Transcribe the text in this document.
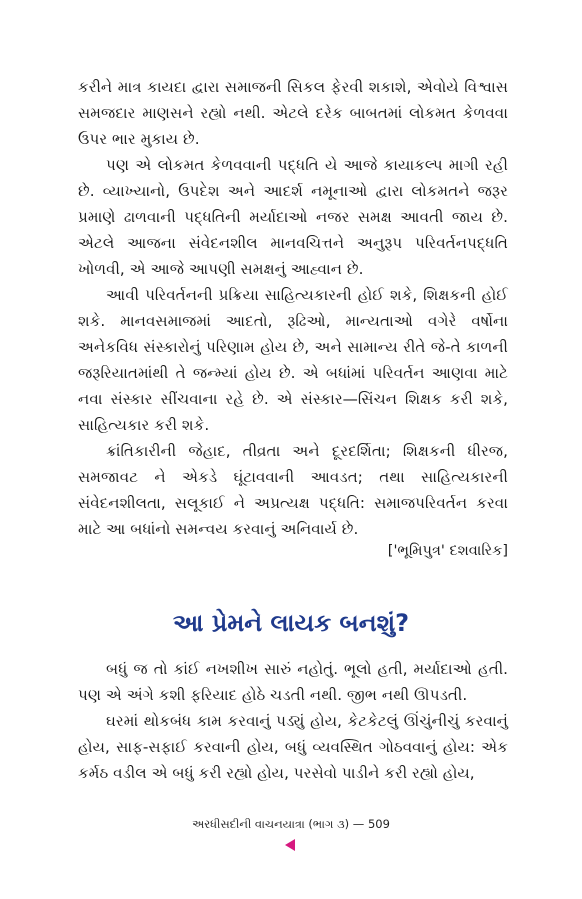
કરીને માત્ર કાયદા દ્વારા સમાજની સિકલ ફેરવી શકાશે, એવોયે વિશ્વાસ સમજદાર માણસને રહ્યો નથી. એટલે દરેક બાબતમાં લોકમત કેળવવા ઉપર ભાર મુકાય છે.

પણ એ લોકમત કેળવવાની પદ્ધતિ યે આજે કાયાકલ્પ માગી રહી છે. વ્યાખ્યાનો, ઉપદેશ અને આદર્શ નમૂનાઓ દ્વારા લોકમતને જરૂર પ્રમાણે ઢાળવાની પદ્ધતિની મર્યાદાઓ નજર સમક્ષ આવતી જાય છે. એટલે આજના સંવેદનશીલ માનવચિત્તને અનુરૂપ પરિવર્તનપદ્ધતિ ખોળવી, એ આજે આપણી સમક્ષનું આહ્વાન છે.

આવી પરિવર્તનની પ્રક્રિયા સાહિત્યકારની હોઈ શકે, શિક્ષકની હોઈ શકે. માનવસમાજમાં આદતો, રૂઢિઓ, માન્યતાઓ વગેરે વર્ષોના અનેકવિધ સંસ્કારોનું પરિણામ હોય છે, અને સામાન્ય રીતે જે-તે કાળની જરૂરિયાતમાંથી તે જન્મ્યાં હોય છે. એ બધાંમાં પરિવર્તન આણવા માટે નવા સંસ્કાર સીંચવાના રહે છે. એ સંસ્કાર—સિંચન શિક્ષક કરી શકે, સાહિત્યકાર કરી શકે.

ક્રાંતિકારીની જેહાદ, તીવ્રતા અને દૂરદર્શિતા; શિક્ષકની ધીરજ, સમજાવટ ને એકડે ઘૂંટાવવાની આવડત; તથા સાહિત્યકારની સંવેદનશીલતા, સલૂકાઈ ને અપ્રત્યક્ષ પદ્ધતિ: સમાજપરિવર્તન કરવા માટે આ બધાંનો સમન્વય કરવાનું અનિવાર્ય છે.

['ભૂમિપુત્ર' દશવારિક]
આ પ્રેમને લાયક બનશું?

બધું જ તો કાંઈ નખશીખ સારું નહોતું. ભૂલો હતી, મર્યાદાઓ હતી. પણ એ અંગે કશી ફરિયાદ હોઠે ચડતી નથી. જીભ નથી ઊપડતી.

ઘરમાં થોકબંધ કામ કરવાનું પડ્યું હોય, કેટકેટલું ઊંચુંનીચું કરવાનું હોય, સાફ-સફાઈ કરવાની હોય, બધું વ્યવસ્થિત ગોઠવવાનું હોય: એક કર્મઠ વડીલ એ બધું કરી રહ્યો હોય, પરસેવો પાડીને કરી રહ્યો હોય,

અરધીસદીની વાચનયાત્રા (ભાગ ૩) — 509
